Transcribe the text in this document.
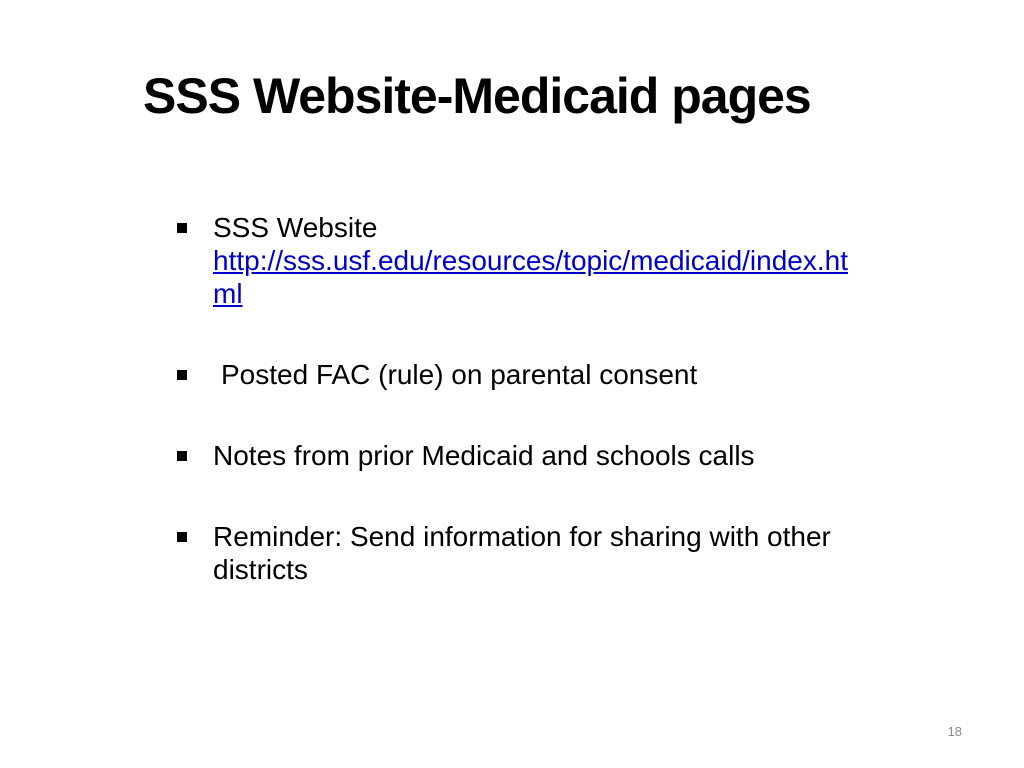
SSS Website-Medicaid pages
SSS Website
http://sss.usf.edu/resources/topic/medicaid/index.html
Posted FAC (rule) on parental consent
Notes from prior Medicaid and schools calls
Reminder: Send information for sharing with other districts
18
